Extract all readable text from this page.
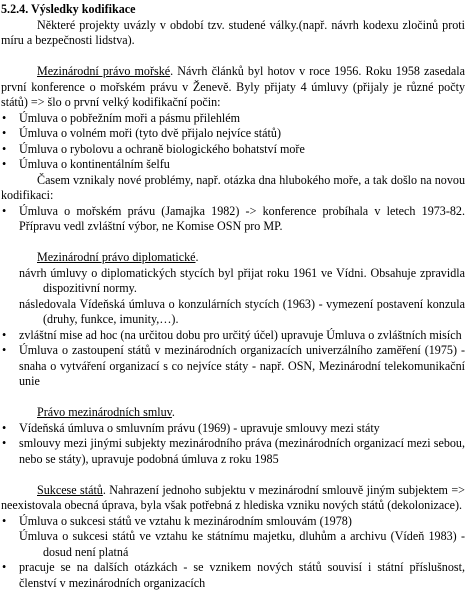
5.2.4. Výsledky kodifikace

Některé projekty uvázly v období tzv. studené války.(např. návrh kodexu zločinů proti míru a bezpečnosti lidstva).

Mezinárodní právo mořské. Návrh článků byl hotov v roce 1956. Roku 1958 zasedala první konference o mořském právu v Ženevě. Byly přijaty 4 úmluvy (přijaly je různé počty států) => šlo o první velký kodifikační počin:

•	Úmluva o pobřežním moři a pásmu přilehlém
•	Úmluva o volném moři (tyto dvě přijalo nejvíce států)
•	Úmluva o rybolovu a ochraně biologického bohatství moře
•	Úmluva o kontinentálním šelfu

Časem vznikaly nové problémy, např. otázka dna hlubokého moře, a tak došlo na novou kodifikaci:

•	Úmluva o mořském právu (Jamajka 1982) -> konference probíhala v letech 1973-82. Přípravu vedl zvláštní výbor, ne Komise OSN pro MP.

Mezinárodní právo diplomatické.

návrh úmluvy o diplomatických stycích byl přijat roku 1961 ve Vídni. Obsahuje zpravidla dispozitivní normy.
následovala Vídeňská úmluva o konzulárních stycích (1963) - vymezení postavení konzula (druhy, funkce, imunity,…).
•	zvláštní mise ad hoc (na určitou dobu pro určitý účel) upravuje Úmluva o zvláštních misích
•	Úmluva o zastoupení států v mezinárodních organizacích univerzálního zaměření (1975) - snaha o vytváření organizací s co nejvíce státy - např. OSN, Mezinárodní telekomunikační unie

Právo mezinárodních smluv.

•	Vídeňská úmluva o smluvním právu (1969) - upravuje smlouvy mezi státy
•	smlouvy mezi jinými subjekty mezinárodního práva (mezinárodních organizací mezi sebou, nebo se státy), upravuje podobná úmluva z roku 1985

Sukcese států. Nahrazení jednoho subjektu v mezinárodní smlouvě jiným subjektem => neexistovala obecná úprava, byla však potřebná z hlediska vzniku nových států (dekolonizace).

•	Úmluva o sukcesi států ve vztahu k mezinárodním smlouvám (1978)
Úmluva o sukcesi států ve vztahu ke státnímu majetku, dluhům a archivu (Vídeň 1983) - dosud není platná
•	pracuje se na dalších otázkách - se vznikem nových států souvisí i státní příslušnost, členství v mezinárodních organizacích
